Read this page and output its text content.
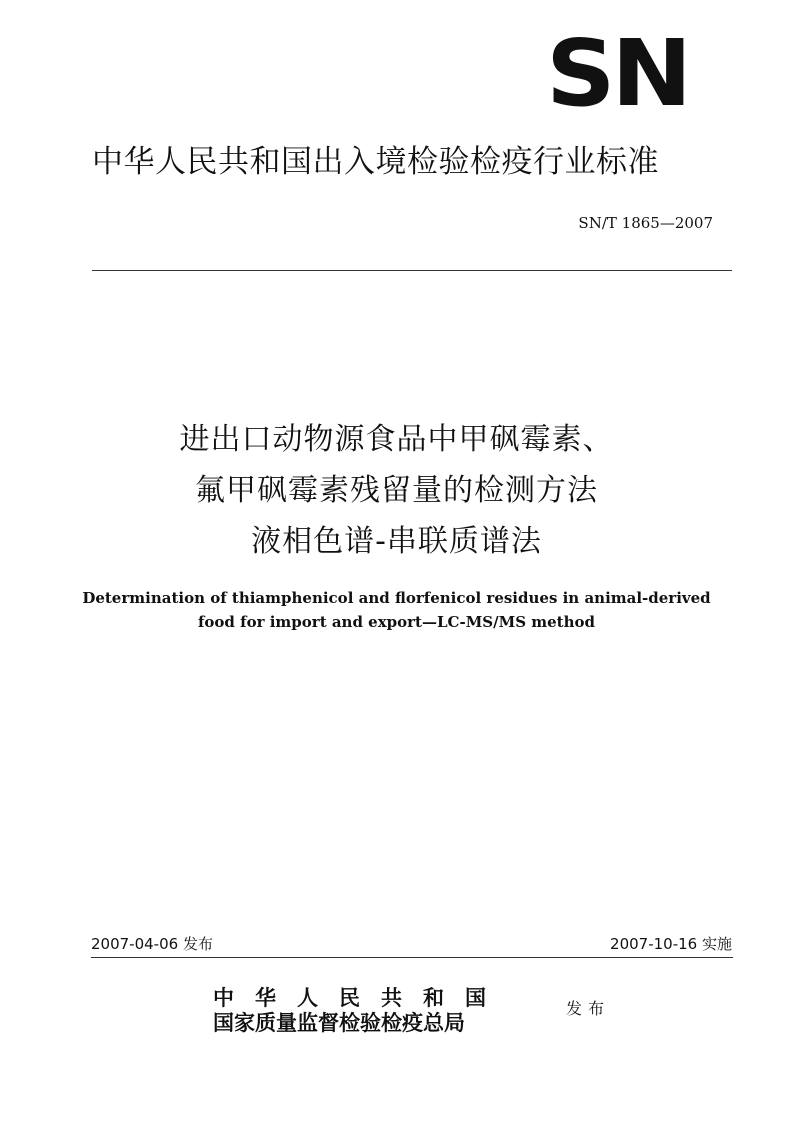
SN
中华人民共和国出入境检验检疫行业标准
SN/T 1865—2007
进出口动物源食品中甲砜霉素、
氟甲砜霉素残留量的检测方法
液相色谱-串联质谱法
Determination of thiamphenicol and florfenicol residues in animal-derived
food for import and export—LC-MS/MS method
2007-04-06 发布	2007-10-16 实施
中华人民共和国
国家质量监督检验检疫总局
发布
